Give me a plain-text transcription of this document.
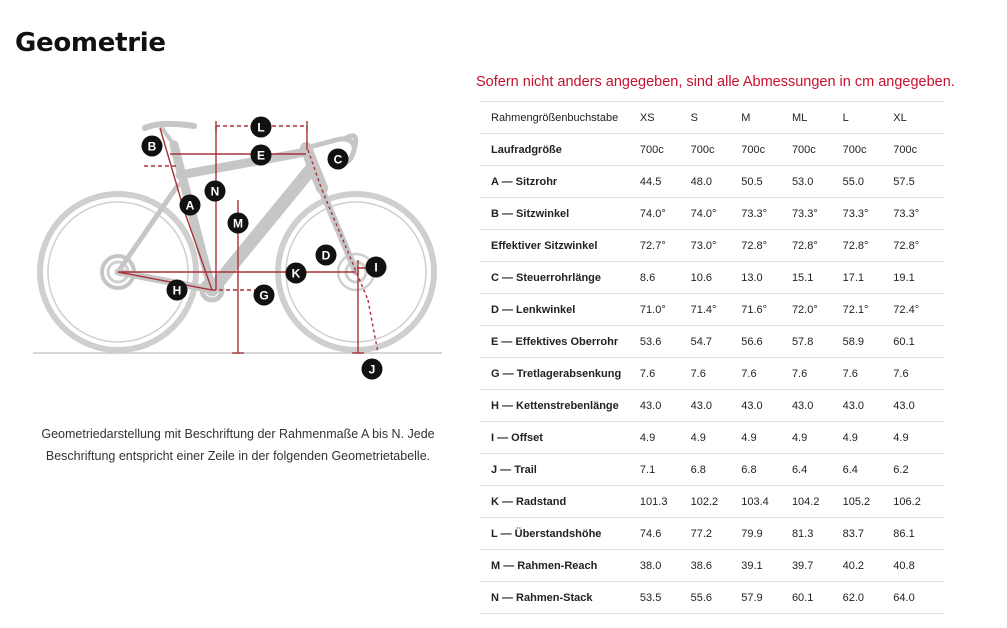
Geometrie
L
E
B
C
N
A
M
D
K	I
H	G
J

Geometriedarstellung mit Beschriftung der Rahmenmaße A bis N. Jede Beschriftung entspricht einer Zeile in der folgenden Geometrietabelle.

Sofern nicht anders angegeben, sind alle Abmessungen in cm angegeben.
Rahmengrößenbuchstabe	XS	S	M	ML	L	XL
Laufradgröße	700c	700c	700c	700c	700c	700c
A — Sitzrohr	44.5	48.0	50.5	53.0	55.0	57.5
B — Sitzwinkel	74.0°	74.0°	73.3°	73.3°	73.3°	73.3°
Effektiver Sitzwinkel	72.7°	73.0°	72.8°	72.8°	72.8°	72.8°
C — Steuerrohrlänge	8.6	10.6	13.0	15.1	17.1	19.1
D — Lenkwinkel	71.0°	71.4°	71.6°	72.0°	72.1°	72.4°
E — Effektives Oberrohr	53.6	54.7	56.6	57.8	58.9	60.1
G — Tretlagerabsenkung	7.6	7.6	7.6	7.6	7.6	7.6
H — Kettenstrebenlänge	43.0	43.0	43.0	43.0	43.0	43.0
I — Offset	4.9	4.9	4.9	4.9	4.9	4.9
J — Trail	7.1	6.8	6.8	6.4	6.4	6.2
K — Radstand	101.3	102.2	103.4	104.2	105.2	106.2
L — Überstandshöhe	74.6	77.2	79.9	81.3	83.7	86.1
M — Rahmen-Reach	38.0	38.6	39.1	39.7	40.2	40.8
N — Rahmen-Stack	53.5	55.6	57.9	60.1	62.0	64.0
